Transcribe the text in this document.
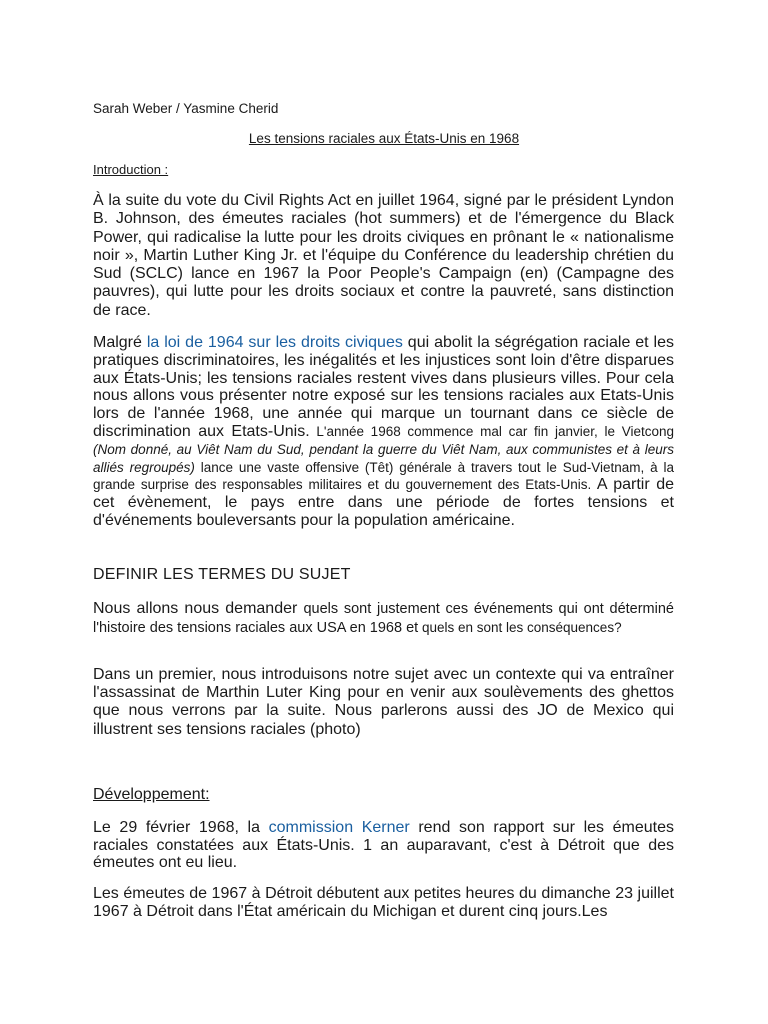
Sarah Weber / Yasmine Cherid
Les tensions raciales aux États-Unis en 1968
Introduction :

À la suite du vote du Civil Rights Act en juillet 1964, signé par le président Lyndon B. Johnson, des émeutes raciales (hot summers) et de l'émergence du Black Power, qui radicalise la lutte pour les droits civiques en prônant le « nationalisme noir », Martin Luther King Jr. et l'équipe du Conférence du leadership chrétien du Sud (SCLC) lance en 1967 la Poor People's Campaign (en) (Campagne des pauvres), qui lutte pour les droits sociaux et contre la pauvreté, sans distinction de race.

Malgré la loi de 1964 sur les droits civiques qui abolit la ségrégation raciale et les pratiques discriminatoires, les inégalités et les injustices sont loin d'être disparues aux États-Unis; les tensions raciales restent vives dans plusieurs villes. Pour cela nous allons vous présenter notre exposé sur les tensions raciales aux Etats-Unis lors de l'année 1968, une année qui marque un tournant dans ce siècle de discrimination aux Etats-Unis. L'année 1968 commence mal car fin janvier, le Vietcong (Nom donné, au Viêt Nam du Sud, pendant la guerre du Viêt Nam, aux communistes et à leurs alliés regroupés) lance une vaste offensive (Têt) générale à travers tout le Sud-Vietnam, à la grande surprise des responsables militaires et du gouvernement des Etats-Unis. A partir de cet évènement, le pays entre dans une période de fortes tensions et d'événements bouleversants pour la population américaine.

DEFINIR LES TERMES DU SUJET

Nous allons nous demander quels sont justement ces événements qui ont déterminé l'histoire des tensions raciales aux USA en 1968 et quels en sont les conséquences?

Dans un premier, nous introduisons notre sujet avec un contexte qui va entraîner l'assassinat de Marthin Luter King pour en venir aux soulèvements des ghettos que nous verrons par la suite. Nous parlerons aussi des JO de Mexico qui illustrent ses tensions raciales (photo)

Développement:

Le 29 février 1968, la commission Kerner rend son rapport sur les émeutes raciales constatées aux États-Unis. 1 an auparavant, c'est à Détroit que des émeutes ont eu lieu.

Les émeutes de 1967 à Détroit débutent aux petites heures du dimanche 23 juillet 1967 à Détroit dans l'État américain du Michigan et durent cinq jours.Les
